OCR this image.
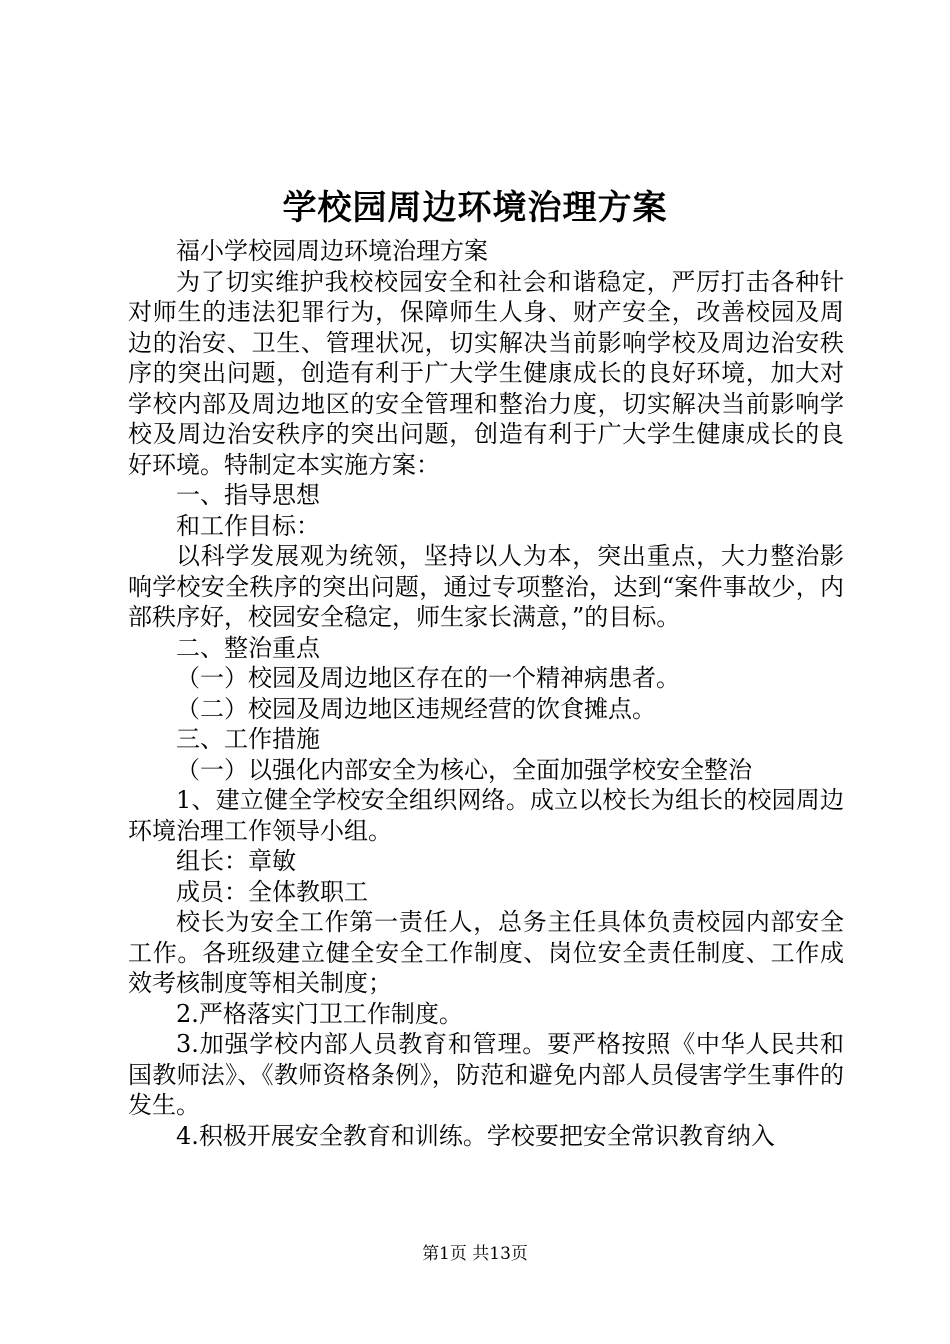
学校园周边环境治理方案

福小学校园周边环境治理方案

为了切实维护我校校园安全和社会和谐稳定，严厉打击各种针对师生的违法犯罪行为，保障师生人身、财产安全，改善校园及周边的治安、卫生、管理状况，切实解决当前影响学校及周边治安秩序的突出问题，创造有利于广大学生健康成长的良好环境，加大对学校内部及周边地区的安全管理和整治力度，切实解决当前影响学校及周边治安秩序的突出问题，创造有利于广大学生健康成长的良好环境。特制定本实施方案：

一、指导思想

和工作目标：

以科学发展观为统领，坚持以人为本，突出重点，大力整治影响学校安全秩序的突出问题，通过专项整治，达到“案件事故少，内部秩序好，校园安全稳定，师生家长满意，”的目标。

二、整治重点

（一）校园及周边地区存在的一个精神病患者。

（二）校园及周边地区违规经营的饮食摊点。

三、工作措施

（一）以强化内部安全为核心，全面加强学校安全整治

1、建立健全学校安全组织网络。成立以校长为组长的校园周边环境治理工作领导小组。

组长：章敏

成员：全体教职工

校长为安全工作第一责任人，总务主任具体负责校园内部安全工作。各班级建立健全安全工作制度、岗位安全责任制度、工作成效考核制度等相关制度；

2.严格落实门卫工作制度。

3.加强学校内部人员教育和管理。要严格按照《中华人民共和国教师法》、《教师资格条例》，防范和避免内部人员侵害学生事件的发生。

4.积极开展安全教育和训练。学校要把安全常识教育纳入

第1页 共13页
